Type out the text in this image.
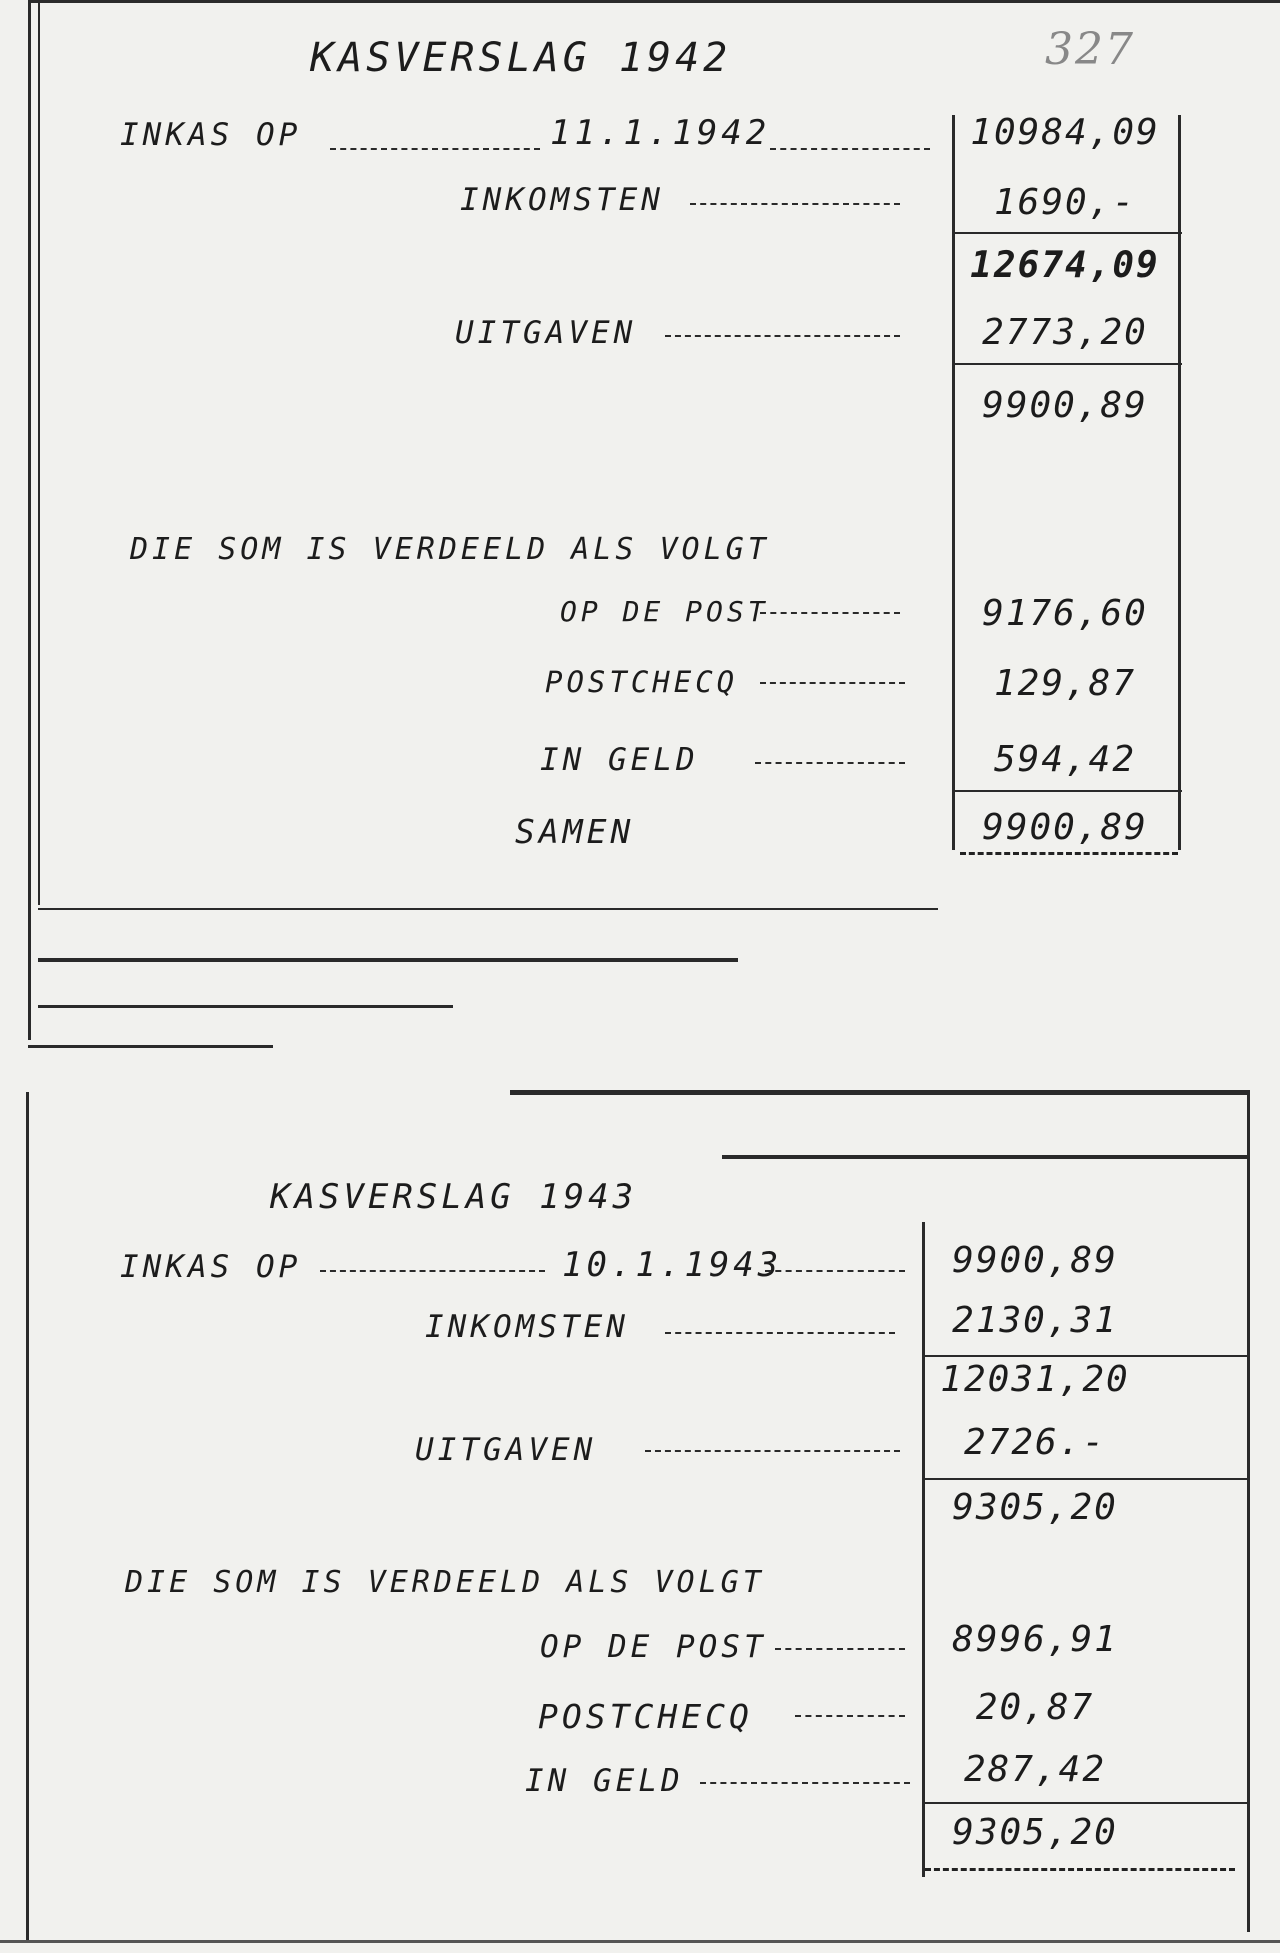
327
KASVERSLAG 1942
INKAS OP	11.1.1942
INKOMSTEN
UITGAVEN
DIE SOM IS VERDEELD ALS VOLGT
OP DE POST
POSTCHECQ
IN GELD
SAMEN
10984,09
1690,-
12674,09
2773,20
9900,89
9176,60
129,87
594,42
9900,89
KASVERSLAG 1943
INKAS OP	10.1.1943
INKOMSTEN
UITGAVEN
DIE SOM IS VERDEELD ALS VOLGT
OP DE POST
POSTCHECQ
IN GELD
9900,89
2130,31
12031,20
2726.-
9305,20
8996,91
20,87
287,42
9305,20
